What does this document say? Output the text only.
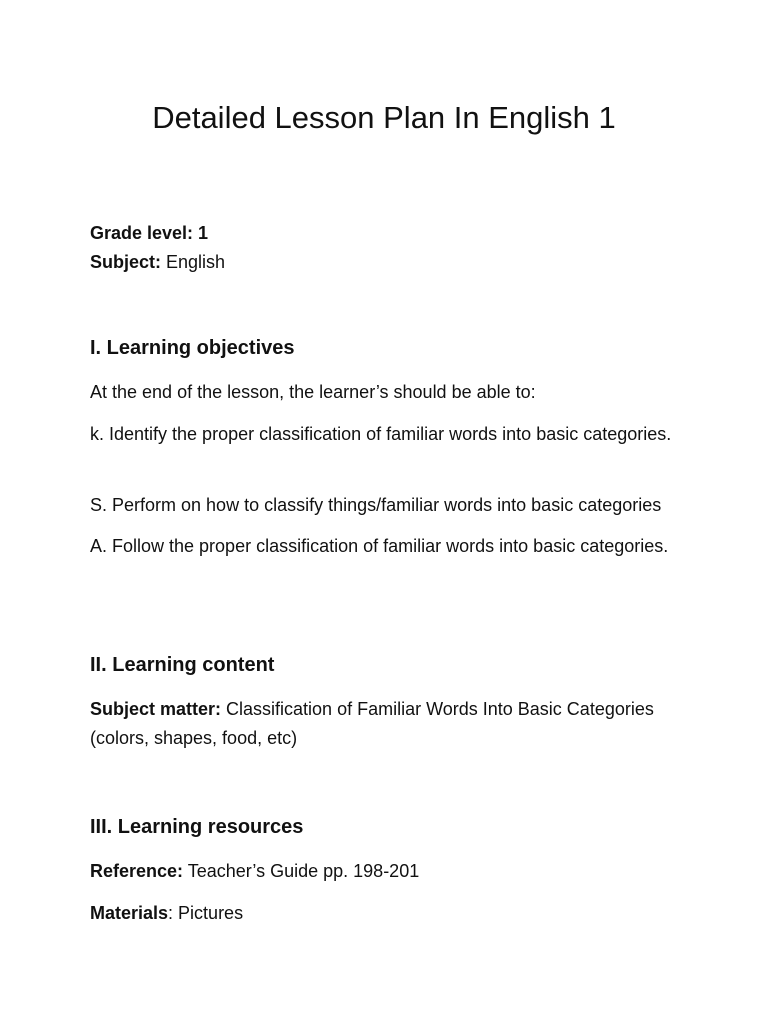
Detailed Lesson Plan In English 1

Grade level: 1

Subject: English

I. Learning objectives

At the end of the lesson, the learner’s should be able to:

k. Identify the proper classification of familiar words into basic categories.

S. Perform on how to classify things/familiar words into basic categories

A. Follow the proper classification of familiar words into basic categories.

II. Learning content

Subject matter: Classification of Familiar Words Into Basic Categories (colors, shapes, food, etc)

III. Learning resources

Reference: Teacher’s Guide pp. 198-201

Materials: Pictures
